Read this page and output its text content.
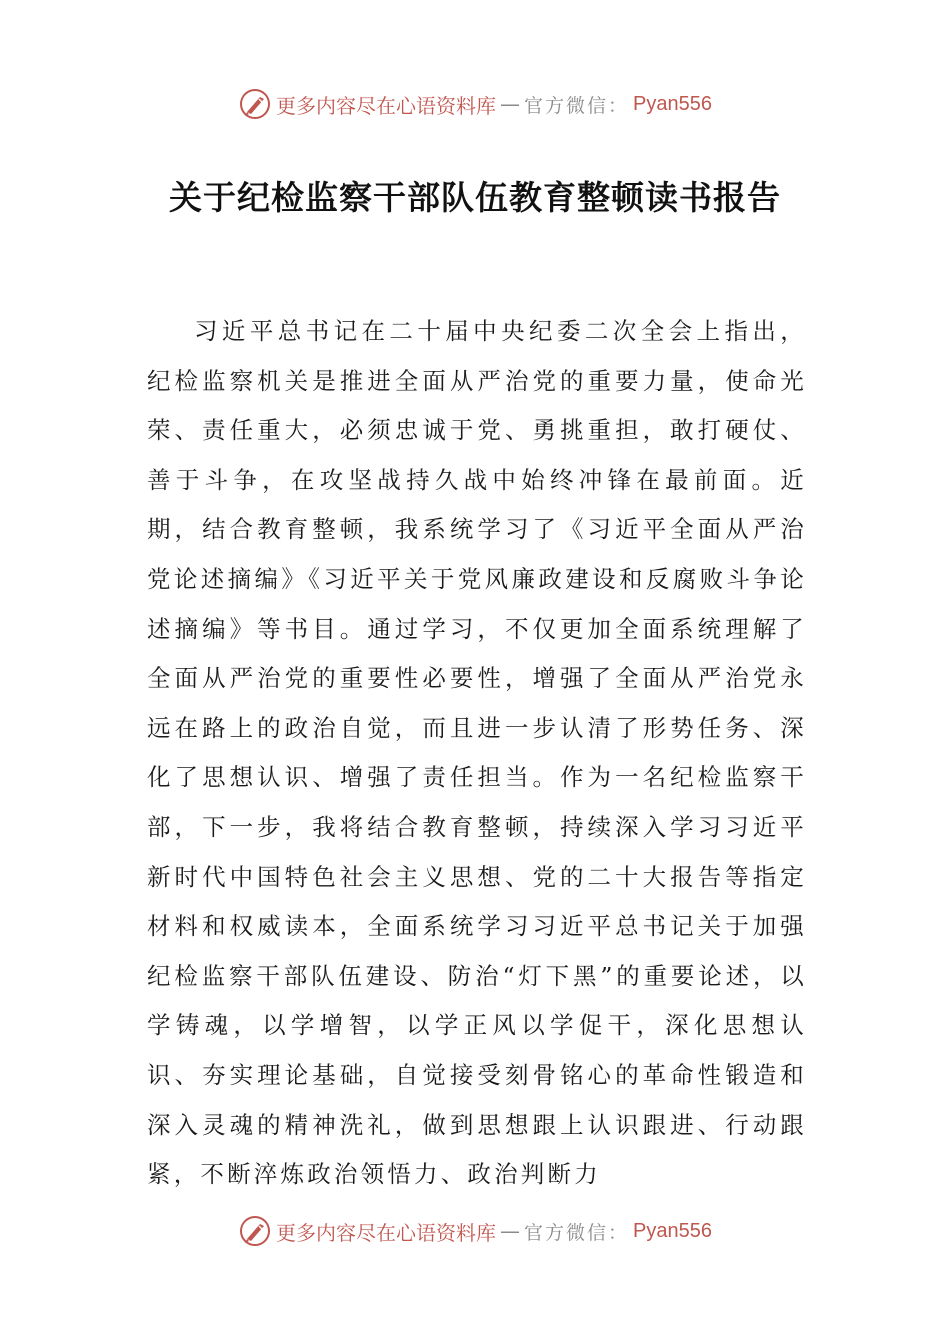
更多内容尽在心语资料库 — 官方微信： Pyan556
关于纪检监察干部队伍教育整顿读书报告

习近平总书记在二十届中央纪委二次全会上指出，纪检监察机关是推进全面从严治党的重要力量，使命光荣、责任重大，必须忠诚于党、勇挑重担，敢打硬仗、善于斗争，在攻坚战持久战中始终冲锋在最前面。近期，结合教育整顿，我系统学习了《习近平全面从严治党论述摘编》《习近平关于党风廉政建设和反腐败斗争论述摘编》等书目。通过学习，不仅更加全面系统理解了全面从严治党的重要性必要性，增强了全面从严治党永远在路上的政治自觉，而且进一步认清了形势任务、深化了思想认识、增强了责任担当。作为一名纪检监察干部，下一步，我将结合教育整顿，持续深入学习习近平新时代中国特色社会主义思想、党的二十大报告等指定材料和权威读本，全面系统学习习近平总书记关于加强纪检监察干部队伍建设、防治“灯下黑”的重要论述，以学铸魂，以学增智，以学正风以学促干，深化思想认识、夯实理论基础，自觉接受刻骨铭心的革命性锻造和深入灵魂的精神洗礼，做到思想跟上认识跟进、行动跟紧，不断淬炼政治领悟力、政治判断力

更多内容尽在心语资料库 — 官方微信： Pyan556
